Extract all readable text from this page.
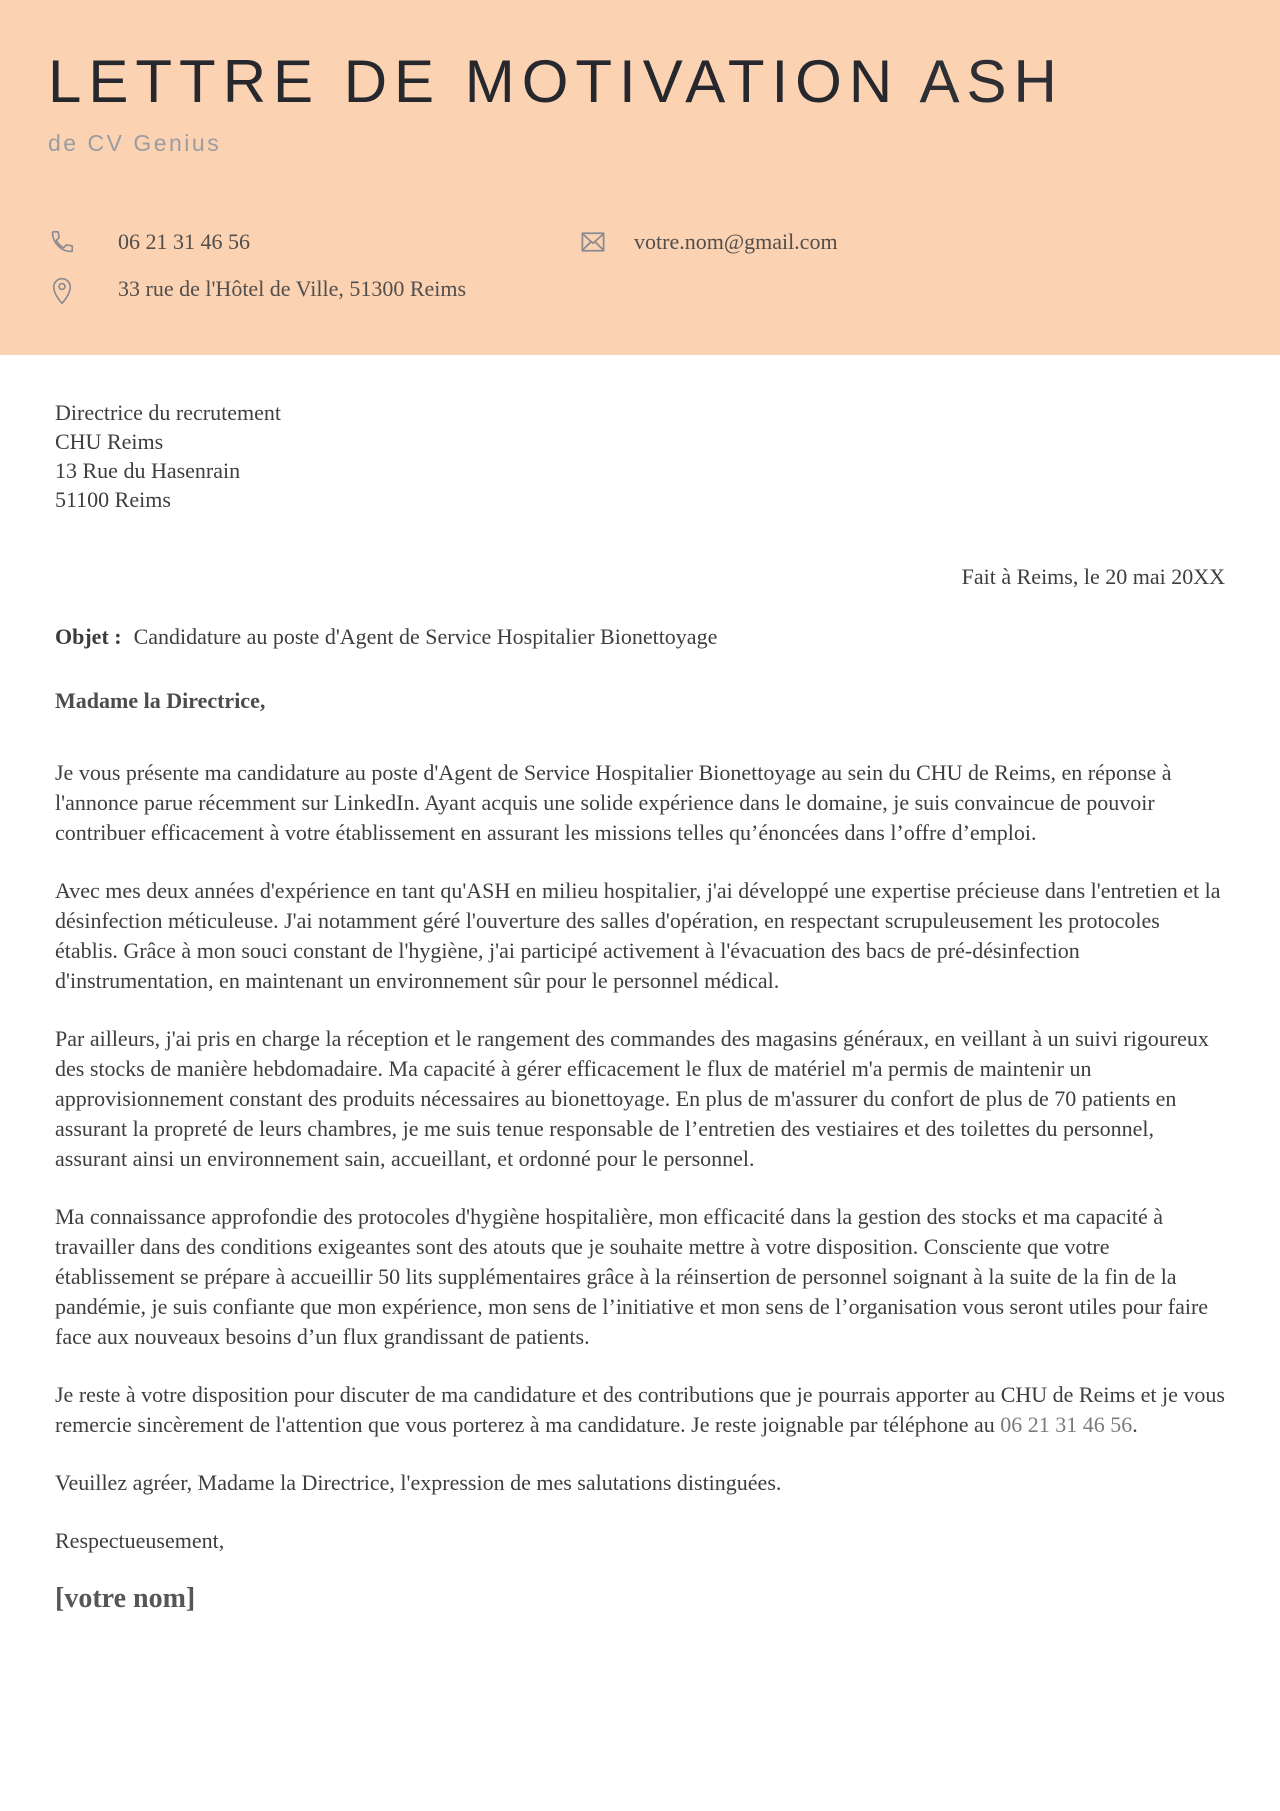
LETTRE DE MOTIVATION ASH
de CV Genius
06 21 31 46 56	votre.nom@gmail.com
33 rue de l'Hôtel de Ville, 51300 Reims
Directrice du recrutement
CHU Reims
13 Rue du Hasenrain
51100 Reims
Fait à Reims, le 20 mai 20XX
Objet : Candidature au poste d'Agent de Service Hospitalier Bionettoyage
Madame la Directrice,

Je vous présente ma candidature au poste d'Agent de Service Hospitalier Bionettoyage au sein du CHU de Reims, en réponse à l'annonce parue récemment sur LinkedIn. Ayant acquis une solide expérience dans le domaine, je suis convaincue de pouvoir contribuer efficacement à votre établissement en assurant les missions telles qu’énoncées dans l’offre d’emploi.

Avec mes deux années d'expérience en tant qu'ASH en milieu hospitalier, j'ai développé une expertise précieuse dans l'entretien et la désinfection méticuleuse. J'ai notamment géré l'ouverture des salles d'opération, en respectant scrupuleusement les protocoles établis. Grâce à mon souci constant de l'hygiène, j'ai participé activement à l'évacuation des bacs de pré-désinfection d'instrumentation, en maintenant un environnement sûr pour le personnel médical.

Par ailleurs, j'ai pris en charge la réception et le rangement des commandes des magasins généraux, en veillant à un suivi rigoureux des stocks de manière hebdomadaire. Ma capacité à gérer efficacement le flux de matériel m'a permis de maintenir un approvisionnement constant des produits nécessaires au bionettoyage. En plus de m'assurer du confort de plus de 70 patients en assurant la propreté de leurs chambres, je me suis tenue responsable de l’entretien des vestiaires et des toilettes du personnel, assurant ainsi un environnement sain, accueillant, et ordonné pour le personnel.

Ma connaissance approfondie des protocoles d'hygiène hospitalière, mon efficacité dans la gestion des stocks et ma capacité à travailler dans des conditions exigeantes sont des atouts que je souhaite mettre à votre disposition. Consciente que votre établissement se prépare à accueillir 50 lits supplémentaires grâce à la réinsertion de personnel soignant à la suite de la fin de la pandémie, je suis confiante que mon expérience, mon sens de l’initiative et mon sens de l’organisation vous seront utiles pour faire face aux nouveaux besoins d’un flux grandissant de patients.

Je reste à votre disposition pour discuter de ma candidature et des contributions que je pourrais apporter au CHU de Reims et je vous remercie sincèrement de l'attention que vous porterez à ma candidature. Je reste joignable par téléphone au 06 21 31 46 56.

Veuillez agréer, Madame la Directrice, l'expression de mes salutations distinguées.

Respectueusement,

[votre nom]
